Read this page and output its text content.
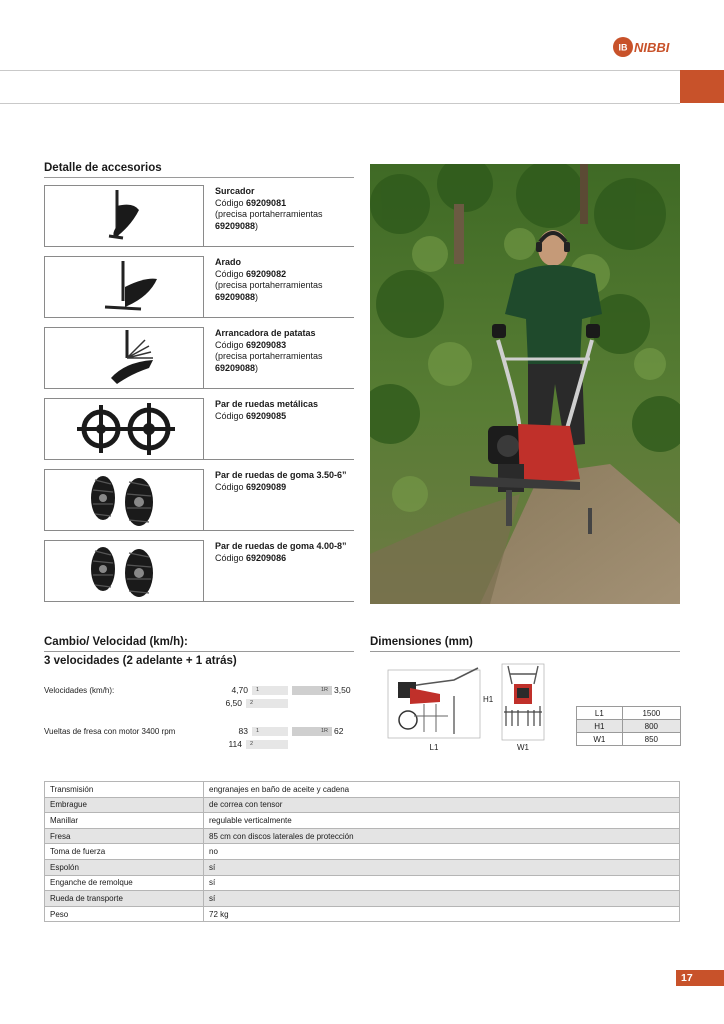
IB NIBBI
Detalle de accesorios
Surcador
Código 69209081
(precisa portaherramientas 69209088)
Arado
Código 69209082
(precisa portaherramientas 69209088)
Arrancadora de patatas
Código 69209083
(precisa portaherramientas 69209088)
Par de ruedas metálicas
Código 69209085
Par de ruedas de goma 3.50-6”
Código 69209089
Par de ruedas de goma 4.00-8”
Código 69209086
Cambio/ Velocidad (km/h):
3 velocidades (2 adelante + 1 atrás)
Velocidades (km/h):	4,70	1	1R 3,50
6,50	2
Vueltas de fresa con motor 3400 rpm	83	1	1R 62
114	2
Dimensiones (mm)
L1
H1
W1
L1	1500
H1	800
W1	850
Transmisión	engranajes en baño de aceite y cadena
Embrague	de correa con tensor
Manillar	regulable verticalmente
Fresa	85 cm con discos laterales de protección
Toma de fuerza	no
Espolón	sí
Enganche de remolque	sí
Rueda de transporte	sí
Peso	72 kg
17
